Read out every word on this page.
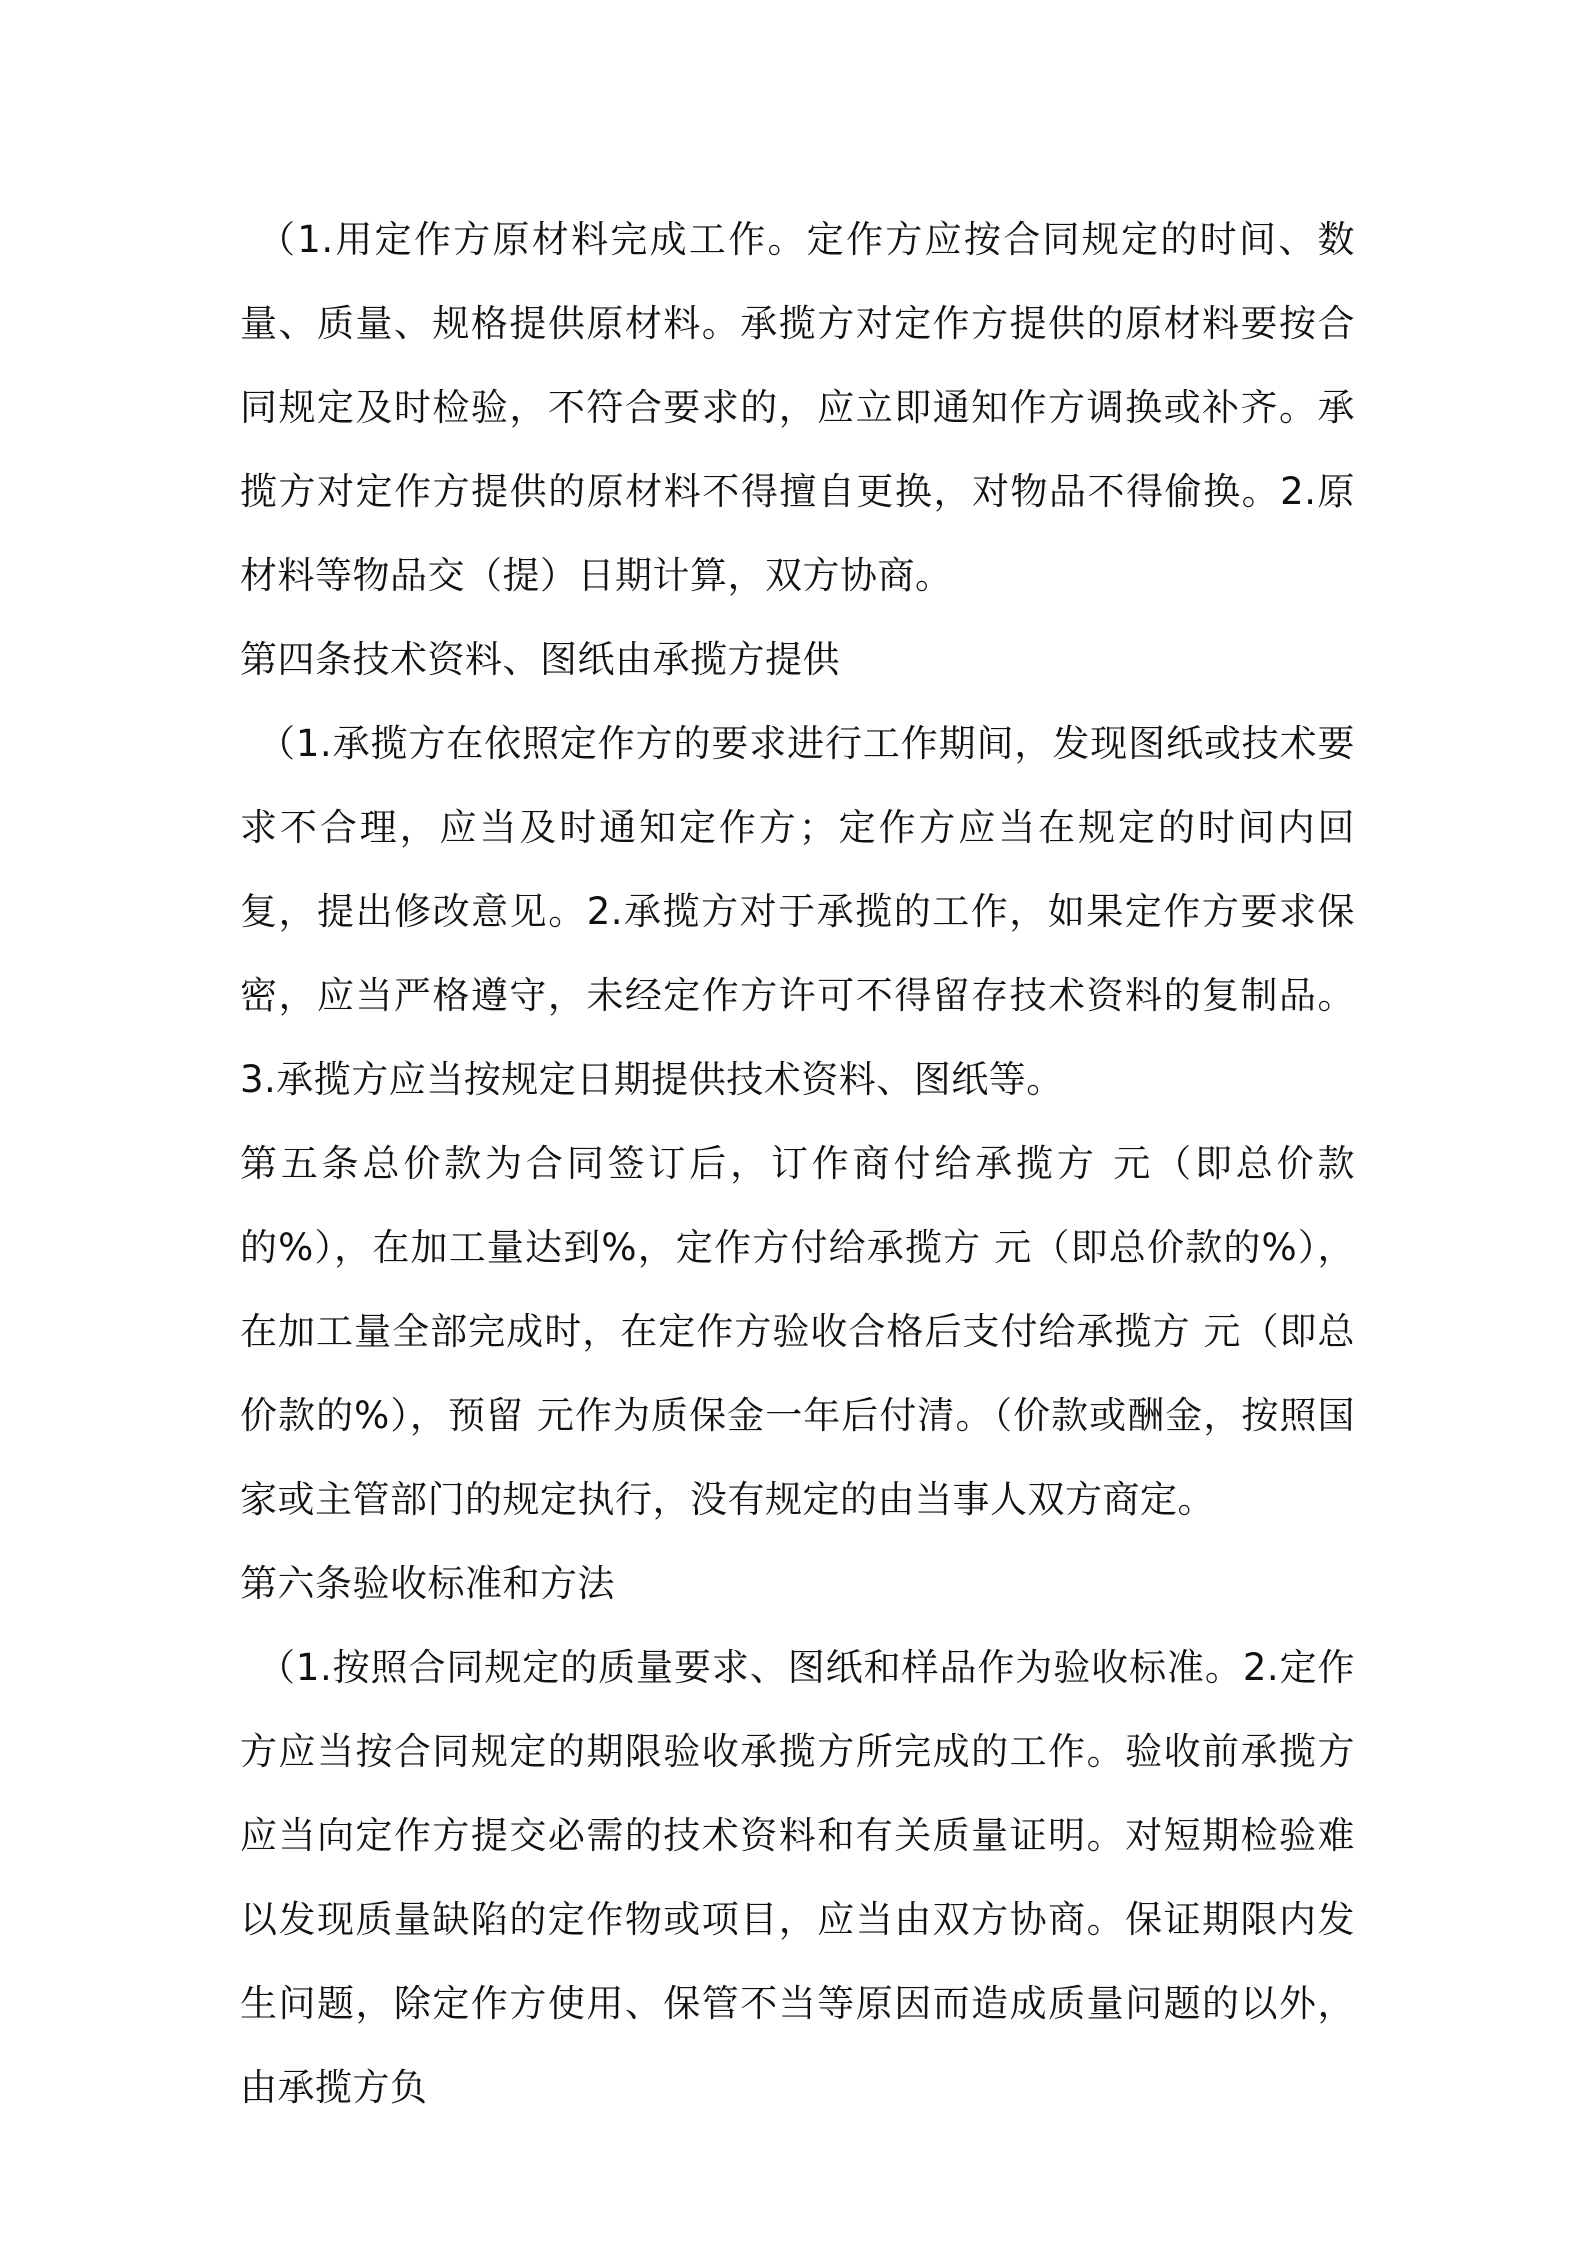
（1.用定作方原材料完成工作。定作方应按合同规定的时间、数量、质量、规格提供原材料。承揽方对定作方提供的原材料要按合同规定及时检验，不符合要求的，应立即通知作方调换或补齐。承揽方对定作方提供的原材料不得擅自更换，对物品不得偷换。2.原材料等物品交（提）日期计算，双方协商。

第四条技术资料、图纸由承揽方提供

（1.承揽方在依照定作方的要求进行工作期间，发现图纸或技术要求不合理，应当及时通知定作方；定作方应当在规定的时间内回复，提出修改意见。2.承揽方对于承揽的工作，如果定作方要求保密，应当严格遵守，未经定作方许可不得留存技术资料的复制品。3.承揽方应当按规定日期提供技术资料、图纸等。

第五条总价款为合同签订后，订作商付给承揽方 元（即总价款的%），在加工量达到%，定作方付给承揽方 元（即总价款的%），在加工量全部完成时，在定作方验收合格后支付给承揽方 元（即总价款的%），预留 元作为质保金一年后付清。（价款或酬金，按照国家或主管部门的规定执行，没有规定的由当事人双方商定。

第六条验收标准和方法

（1.按照合同规定的质量要求、图纸和样品作为验收标准。2.定作方应当按合同规定的期限验收承揽方所完成的工作。验收前承揽方应当向定作方提交必需的技术资料和有关质量证明。对短期检验难以发现质量缺陷的定作物或项目，应当由双方协商。保证期限内发生问题，除定作方使用、保管不当等原因而造成质量问题的以外，由承揽方负
